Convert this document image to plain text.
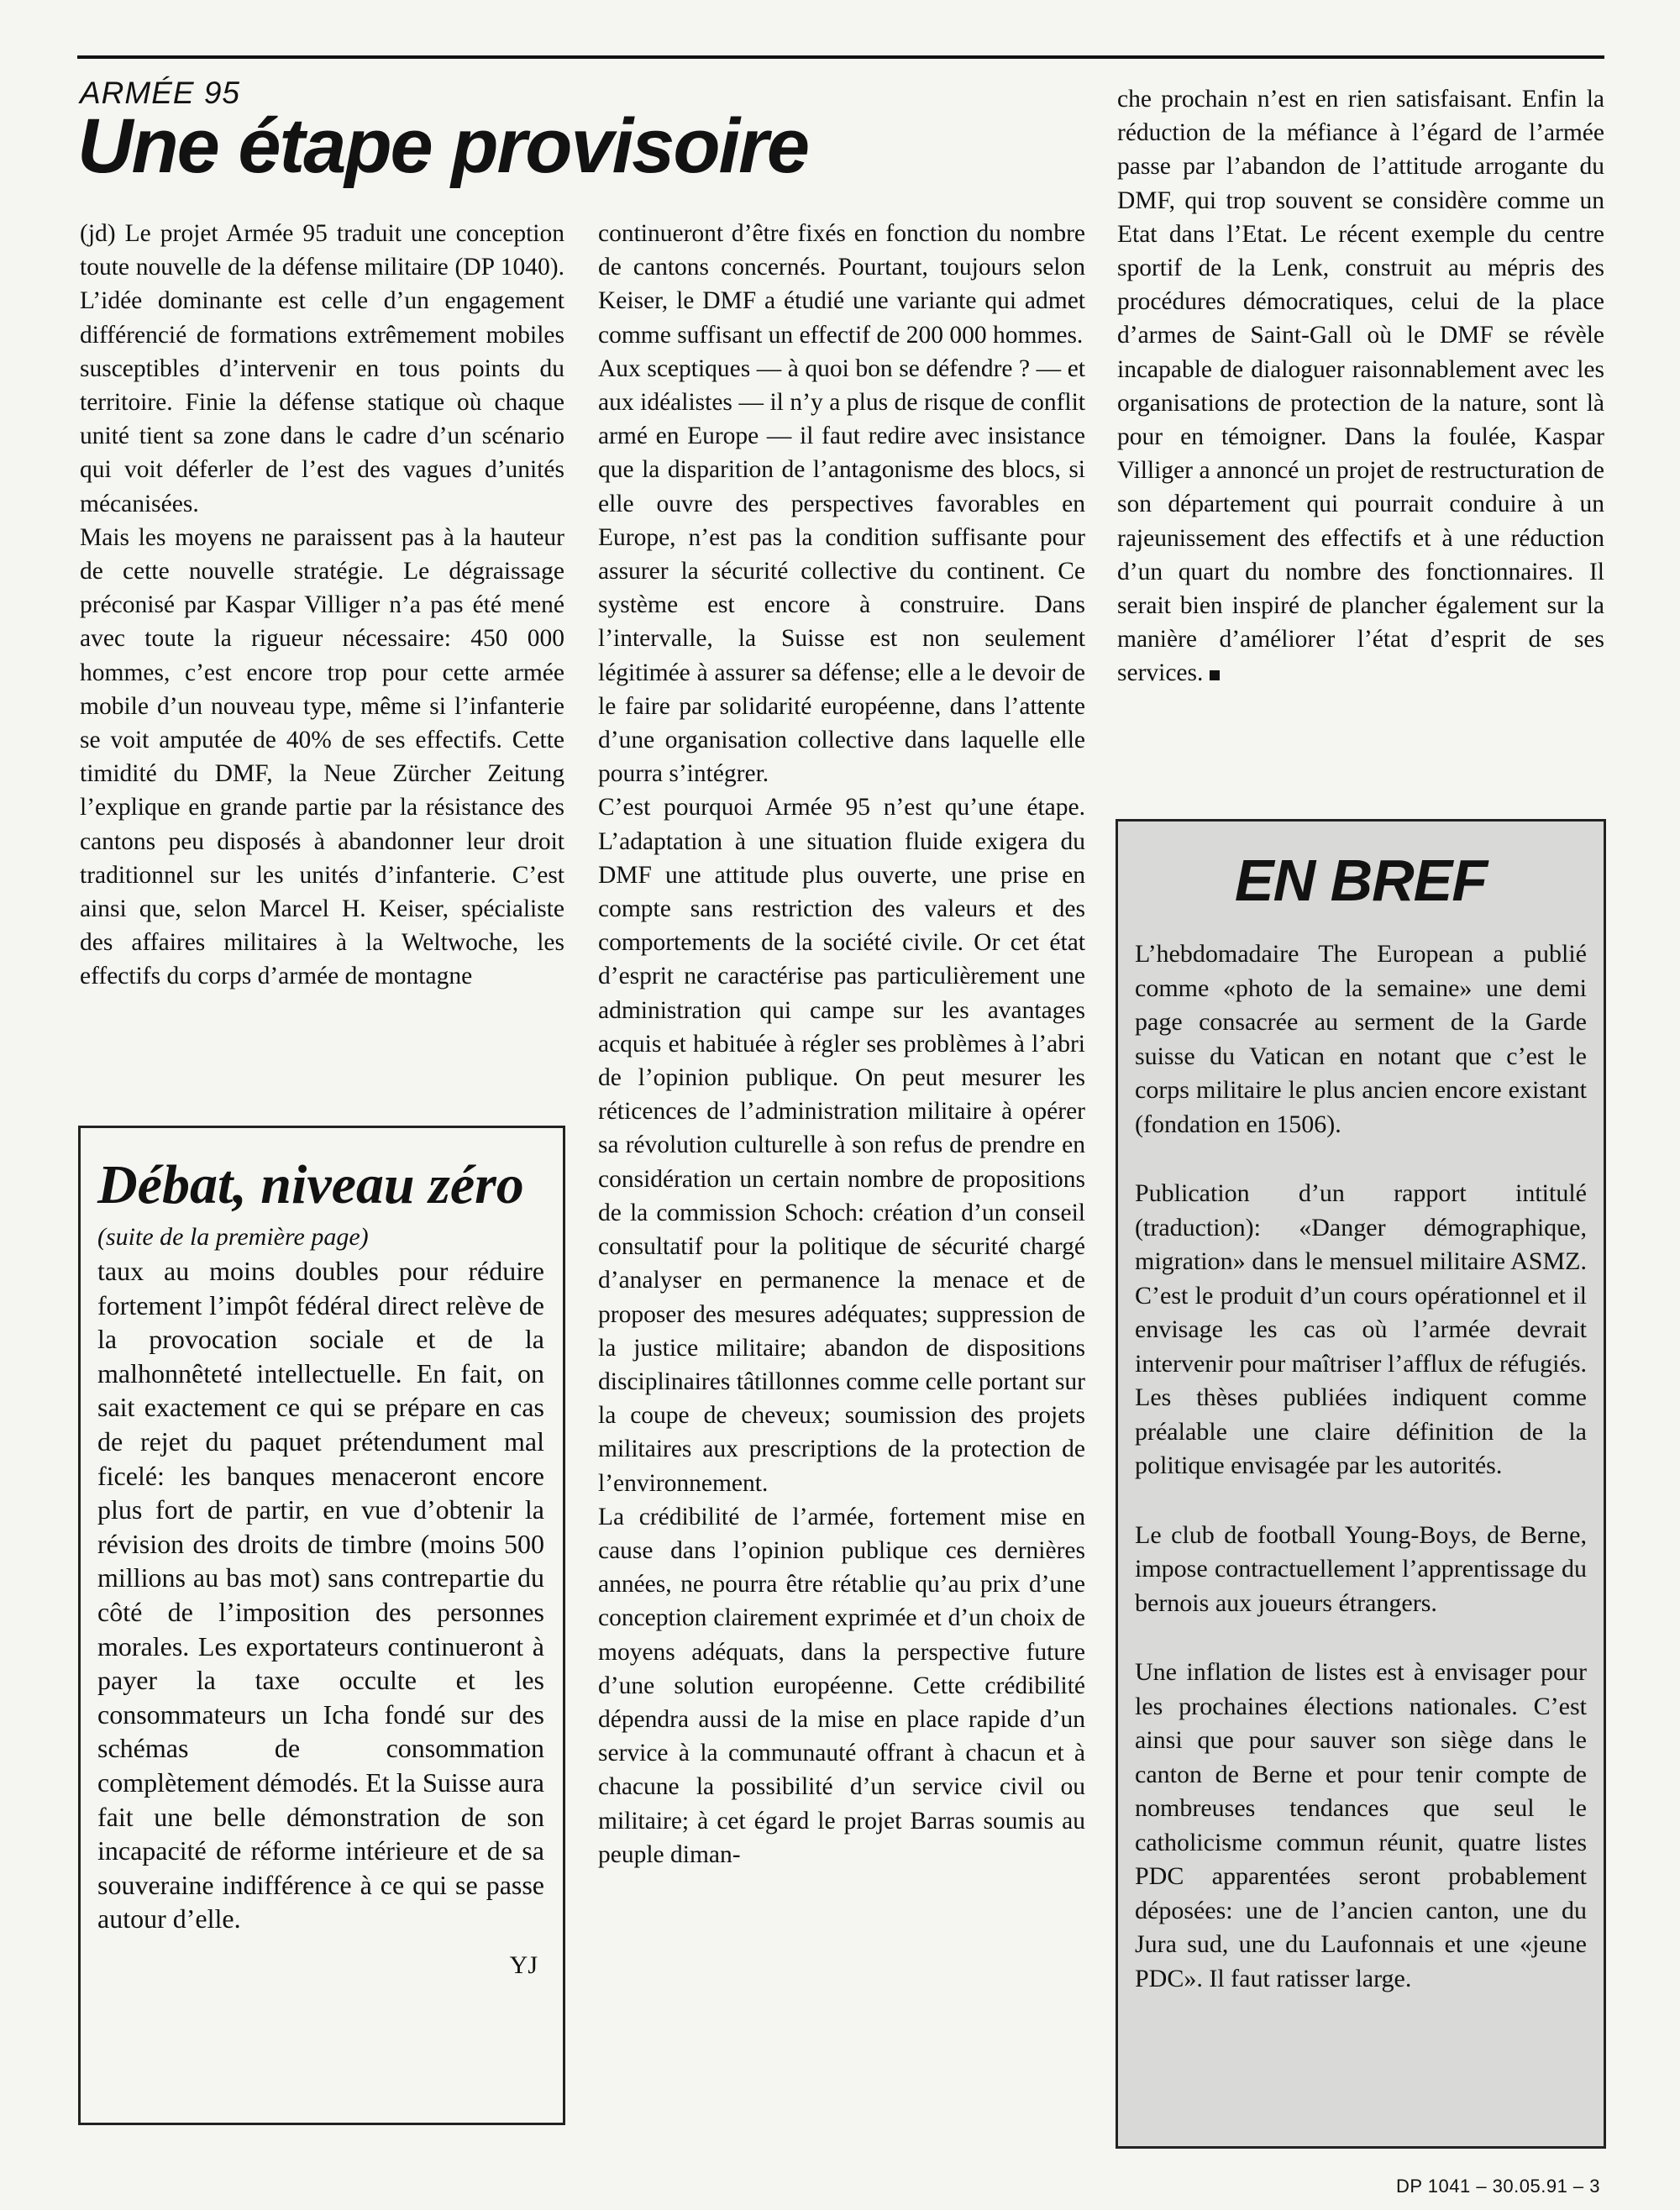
ARMÉE 95
Une étape provisoire

(jd) Le projet Armée 95 traduit une conception toute nouvelle de la défense militaire (DP 1040). L’idée dominante est celle d’un engagement différencié de formations extrêmement mobiles susceptibles d’intervenir en tous points du territoire. Finie la défense statique où chaque unité tient sa zone dans le cadre d’un scénario qui voit déferler de l’est des vagues d’unités mécanisées.

Mais les moyens ne paraissent pas à la hauteur de cette nouvelle stratégie. Le dégraissage préconisé par Kaspar Villiger n’a pas été mené avec toute la rigueur nécessaire: 450 000 hommes, c’est encore trop pour cette armée mobile d’un nouveau type, même si l’infanterie se voit amputée de 40% de ses effectifs. Cette timidité du DMF, la Neue Zürcher Zeitung l’explique en grande partie par la résistance des cantons peu disposés à abandonner leur droit traditionnel sur les unités d’infanterie. C’est ainsi que, selon Marcel H. Keiser, spécialiste des affaires militaires à la Weltwoche, les effectifs du corps d’armée de montagne

continueront d’être fixés en fonction du nombre de cantons concernés. Pourtant, toujours selon Keiser, le DMF a étudié une variante qui admet comme suffisant un effectif de 200 000 hommes.

Aux sceptiques — à quoi bon se défendre ? — et aux idéalistes — il n’y a plus de risque de conflit armé en Europe — il faut redire avec insistance que la disparition de l’antagonisme des blocs, si elle ouvre des perspectives favorables en Europe, n’est pas la condition suffisante pour assurer la sécurité collective du continent. Ce système est encore à construire. Dans l’intervalle, la Suisse est non seulement légitimée à assurer sa défense; elle a le devoir de le faire par solidarité européenne, dans l’attente d’une organisation collective dans laquelle elle pourra s’intégrer.

C’est pourquoi Armée 95 n’est qu’une étape. L’adaptation à une situation fluide exigera du DMF une attitude plus ouverte, une prise en compte sans restriction des valeurs et des comportements de la société civile. Or cet état d’esprit ne caractérise pas particulièrement une administration qui campe sur les avantages acquis et habituée à régler ses problèmes à l’abri de l’opinion publique. On peut mesurer les réticences de l’administration militaire à opérer sa révolution culturelle à son refus de prendre en considération un certain nombre de propositions de la commission Schoch: création d’un conseil consultatif pour la politique de sécurité chargé d’analyser en permanence la menace et de proposer des mesures adéquates; suppression de la justice militaire; abandon de dispositions disciplinaires tâtillonnes comme celle portant sur la coupe de cheveux; soumission des projets militaires aux prescriptions de la protection de l’environnement.

La crédibilité de l’armée, fortement mise en cause dans l’opinion publique ces dernières années, ne pourra être rétablie qu’au prix d’une conception clairement exprimée et d’un choix de moyens adéquats, dans la perspective future d’une solution européenne. Cette crédibilité dépendra aussi de la mise en place rapide d’un service à la communauté offrant à chacun et à chacune la possibilité d’un service civil ou militaire; à cet égard le projet Barras soumis au peuple diman-

che prochain n’est en rien satisfaisant. Enfin la réduction de la méfiance à l’égard de l’armée passe par l’abandon de l’attitude arrogante du DMF, qui trop souvent se considère comme un Etat dans l’Etat. Le récent exemple du centre sportif de la Lenk, construit au mépris des procédures démocratiques, celui de la place d’armes de Saint-Gall où le DMF se révèle incapable de dialoguer raisonnablement avec les organisations de protection de la nature, sont là pour en témoigner. Dans la foulée, Kaspar Villiger a annoncé un projet de restructuration de son département qui pourrait conduire à un rajeunissement des effectifs et à une réduction d’un quart du nombre des fonctionnaires. Il serait bien inspiré de plancher également sur la manière d’améliorer l’état d’esprit de ses services.

Débat, niveau zéro

(suite de la première page)

taux au moins doubles pour réduire fortement l’impôt fédéral direct relève de la provocation sociale et de la malhonnêteté intellectuelle. En fait, on sait exactement ce qui se prépare en cas de rejet du paquet prétendument mal ficelé: les banques menaceront encore plus fort de partir, en vue d’obtenir la révision des droits de timbre (moins 500 millions au bas mot) sans contrepartie du côté de l’imposition des personnes morales. Les exportateurs continueront à payer la taxe occulte et les consommateurs un Icha fondé sur des schémas de consommation complètement démodés. Et la Suisse aura fait une belle démonstration de son incapacité de réforme intérieure et de sa souveraine indifférence à ce qui se passe autour d’elle.

YJ
EN BREF

L’hebdomadaire The European a publié comme «photo de la semaine» une demi page consacrée au serment de la Garde suisse du Vatican en notant que c’est le corps militaire le plus ancien encore existant (fondation en 1506).

Publication d’un rapport intitulé (traduction): «Danger démographique, migration» dans le mensuel militaire ASMZ. C’est le produit d’un cours opérationnel et il envisage les cas où l’armée devrait intervenir pour maîtriser l’afflux de réfugiés. Les thèses publiées indiquent comme préalable une claire définition de la politique envisagée par les autorités.

Le club de football Young-Boys, de Berne, impose contractuellement l’apprentissage du bernois aux joueurs étrangers.

Une inflation de listes est à envisager pour les prochaines élections nationales. C’est ainsi que pour sauver son siège dans le canton de Berne et pour tenir compte de nombreuses tendances que seul le catholicisme commun réunit, quatre listes PDC apparentées seront probablement déposées: une de l’ancien canton, une du Jura sud, une du Laufonnais et une «jeune PDC». Il faut ratisser large.

DP 1041 – 30.05.91 – 3
